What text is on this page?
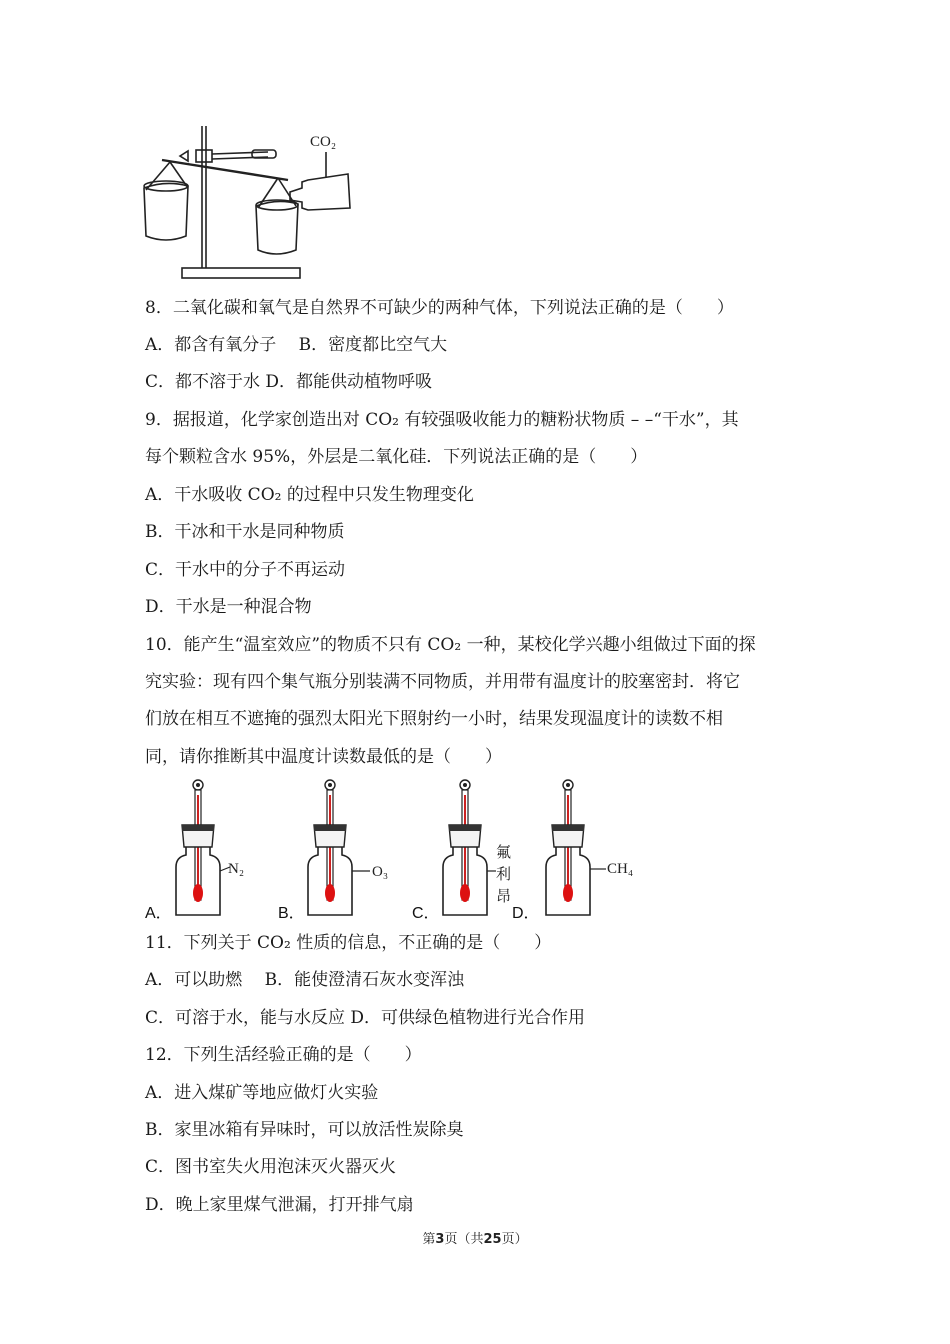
CO₂
8．二氧化碳和氧气是自然界不可缺少的两种气体，下列说法正确的是（　　）
A．都含有氧分子　 B．密度都比空气大
C．都不溶于水 D．都能供动植物呼吸
9．据报道，化学家创造出对 CO₂ 有较强吸收能力的糖粉状物质 – –“干水”，其
每个颗粒含水 95%，外层是二氧化硅．下列说法正确的是（　　）
A．干水吸收 CO₂ 的过程中只发生物理变化
B．干冰和干水是同种物质
C．干水中的分子不再运动
D．干水是一种混合物
10．能产生“温室效应”的物质不只有 CO₂ 一种，某校化学兴趣小组做过下面的探
究实验：现有四个集气瓶分别装满不同物质，并用带有温度计的胶塞密封．将它
们放在相互不遮掩的强烈太阳光下照射约一小时，结果发现温度计的读数不相
同，请你推断其中温度计读数最低的是（　　）
N₂	O₃
氟
利
昂
CH₄
A．	B．	C．	D．
11．下列关于 CO₂ 性质的信息，不正确的是（　　）
A．可以助燃　 B．能使澄清石灰水变浑浊
C．可溶于水，能与水反应 D．可供绿色植物进行光合作用
12．下列生活经验正确的是（　　）
A．进入煤矿等地应做灯火实验
B．家里冰箱有异味时，可以放活性炭除臭
C．图书室失火用泡沫灭火器灭火
D．晚上家里煤气泄漏，打开排气扇
第3页（共25页）
